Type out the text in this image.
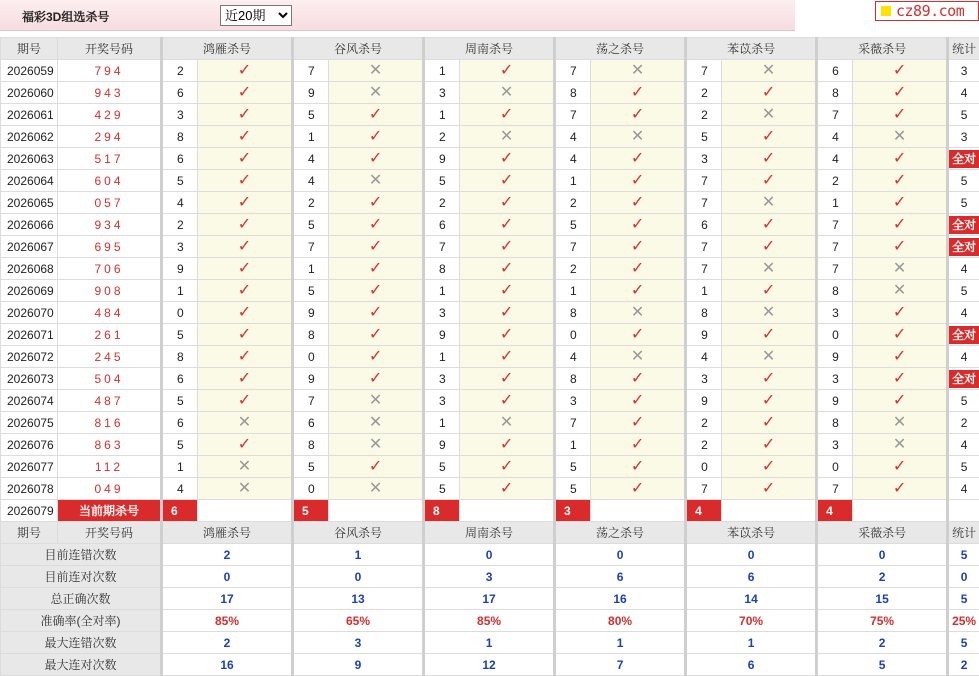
福彩3D组选杀号
近20期	cz89.com
期号	开奖号码	鸿雁杀号		谷风杀号		周南杀号		荡之杀号		苯苡杀号		采薇杀号		统计
2026059	794	2	✓	7	✕	1	✓	7	✕	7	✕	6	✓	3
2026060	943	6	✓	9	✕	3	✕	8	✓	2	✓	8	✓	4
2026061	429	3	✓	5	✓	1	✓	7	✓	2	✕	7	✓	5
2026062	294	8	✓	1	✓	2	✕	4	✕	5	✓	4	✕	3
2026063	517	6	✓	4	✓	9	✓	4	✓	3	✓	4	✓	全对
2026064	604	5	✓	4	✕	5	✓	1	✓	7	✓	2	✓	5
2026065	057	4	✓	2	✓	2	✓	2	✓	7	✕	1	✓	5
2026066	934	2	✓	5	✓	6	✓	5	✓	6	✓	7	✓	全对
2026067	695	3	✓	7	✓	7	✓	7	✓	7	✓	7	✓	全对
2026068	706	9	✓	1	✓	8	✓	2	✓	7	✕	7	✕	4
2026069	908	1	✓	5	✓	1	✓	1	✓	1	✓	8	✕	5
2026070	484	0	✓	9	✓	3	✓	8	✕	8	✕	3	✓	4
2026071	261	5	✓	8	✓	9	✓	0	✓	9	✓	0	✓	全对
2026072	245	8	✓	0	✓	1	✓	4	✕	4	✕	9	✓	4
2026073	504	6	✓	9	✓	3	✓	8	✓	3	✓	3	✓	全对
2026074	487	5	✓	7	✕	3	✓	3	✓	9	✓	9	✓	5
2026075	816	6	✕	6	✕	1	✕	7	✓	2	✓	8	✕	2
2026076	863	5	✓	8	✕	9	✓	1	✓	2	✓	3	✕	4
2026077	112	1	✕	5	✓	5	✓	5	✓	0	✓	0	✓	5
2026078	049	4	✕	0	✕	5	✓	5	✓	7	✓	7	✓	4
2026079	当前期杀号	6		5		8		3		4		4		
期号	开奖号码	鸿雁杀号		谷风杀号		周南杀号		荡之杀号		苯苡杀号		采薇杀号		统计
目前连错次数		2		1		0		0		0		0		5
目前连对次数		0		0		3		6		6		2		0
总正确次数		17		13		17		16		14		15		5
准确率(全对率)		85%		65%		85%		80%		70%		75%		25%
最大连错次数		2		3		1		1		1		2		5
最大连对次数		16		9		12		7		6		5		2
